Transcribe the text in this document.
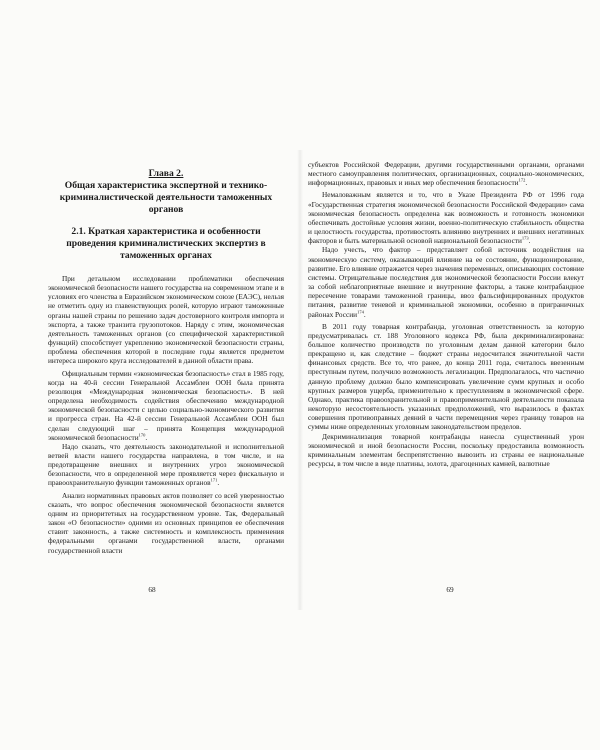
Глава 2.
Общая характеристика экспертной и технико-криминалистической деятельности таможенных органов

2.1. Краткая характеристика и особенности проведения криминалистических экспертиз в таможенных органах

При детальном исследовании проблематики обеспечения экономической безопасности нашего государства на современном этапе и в условиях его членства в Евразийском экономическом союзе (ЕАЭС), нельзя не отметить одну из главенствующих ролей, которую играют таможенные органы нашей страны по решению задач достоверного контроля импорта и экспорта, а также транзита грузопотоков. Наряду с этим, экономическая деятельность таможенных органов (со специфической характеристикой функций) способствует укреплению экономической безопасности страны, проблема обеспечения которой в последние годы является предметом интереса широкого круга исследователей в данной области права.

Официальным термин «экономическая безопасность» стал в 1985 году, когда на 40-й сессии Генеральной Ассамблеи ООН была принята резолюция «Международная экономическая безопасность». В ней определена необходимость содействия обеспечению международной экономической безопасности с целью социально-экономического развития и прогресса стран. На 42-й сессии Генеральной Ассамблеи ООН был сделан следующий шаг – принята Концепция международной экономической безопасности$^{170}$.

Надо сказать, что деятельность законодательной и исполнительной ветвей власти нашего государства направлена, в том числе, и на предотвращение внешних и внутренних угроз экономической безопасности, что в определенной мере проявляется через фискальную и правоохранительную функции таможенных органов$^{171}$.

Анализ нормативных правовых актов позволяет со всей уверенностью сказать, что вопрос обеспечения экономической безопасности является одним из приоритетных на государственном уровне. Так, Федеральный закон «О безопасности» одними из основных принципов ее обеспечения ставит законность, а также системность и комплексность применения федеральными органами государственной власти, органами государственной власти

субъектов Российской Федерации, другими государственными органами, органами местного самоуправления политических, организационных, социально-экономических, информационных, правовых и иных мер обеспечения безопасности$^{172}$.

Немаловажным является и то, что в Указе Президента РФ от 1996 года «Государственная стратегия экономической безопасности Российской Федерации» сама экономическая безопасность определена как возможность и готовность экономики обеспечивать достойные условия жизни, военно-политическую стабильность общества и целостность государства, противостоять влиянию внутренних и внешних негативных факторов и быть материальной основой национальной безопасности$^{173}$.

Надо учесть, что фактор – представляет собой источник воздействия на экономическую систему, оказывающий влияние на ее состояние, функционирование, развитие. Его влияние отражается через значения переменных, описывающих состояние системы. Отрицательные последствия для экономической безопасности России влекут за собой неблагоприятные внешние и внутренние факторы, а также контрабандное пересечение товарами таможенной границы, ввоз фальсифицированных продуктов питания, развитие теневой и криминальной экономики, особенно в приграничных районах России$^{174}$.

В 2011 году товарная контрабанда, уголовная ответственность за которую предусматривалась ст. 188 Уголовного кодекса РФ, была декриминализирована: большое количество производств по уголовным делам данной категории было прекращено и, как следствие – бюджет страны недосчитался значительной части финансовых средств. Все то, что ранее, до конца 2011 года, считалось ввезенным преступным путем, получило возможность легализации. Предполагалось, что частично данную проблему должно было компенсировать увеличение сумм крупных и особо крупных размеров ущерба, применительно к преступлениям в экономической сфере. Однако, практика правоохранительной и правоприменительной деятельности показала некоторую несостоятельность указанных предположений, что выразилось в фактах совершения противоправных деяний в части перемещения через границу товаров на суммы ниже определенных уголовным законодательством пределов.

Декриминализация товарной контрабанды нанесла существенный урон экономической и иной безопасности России, поскольку предоставила возможность криминальным элементам беспрепятственно вывозить из страны ее национальные ресурсы, в том числе в виде платины, золота, драгоценных камней, валютные

68	69
